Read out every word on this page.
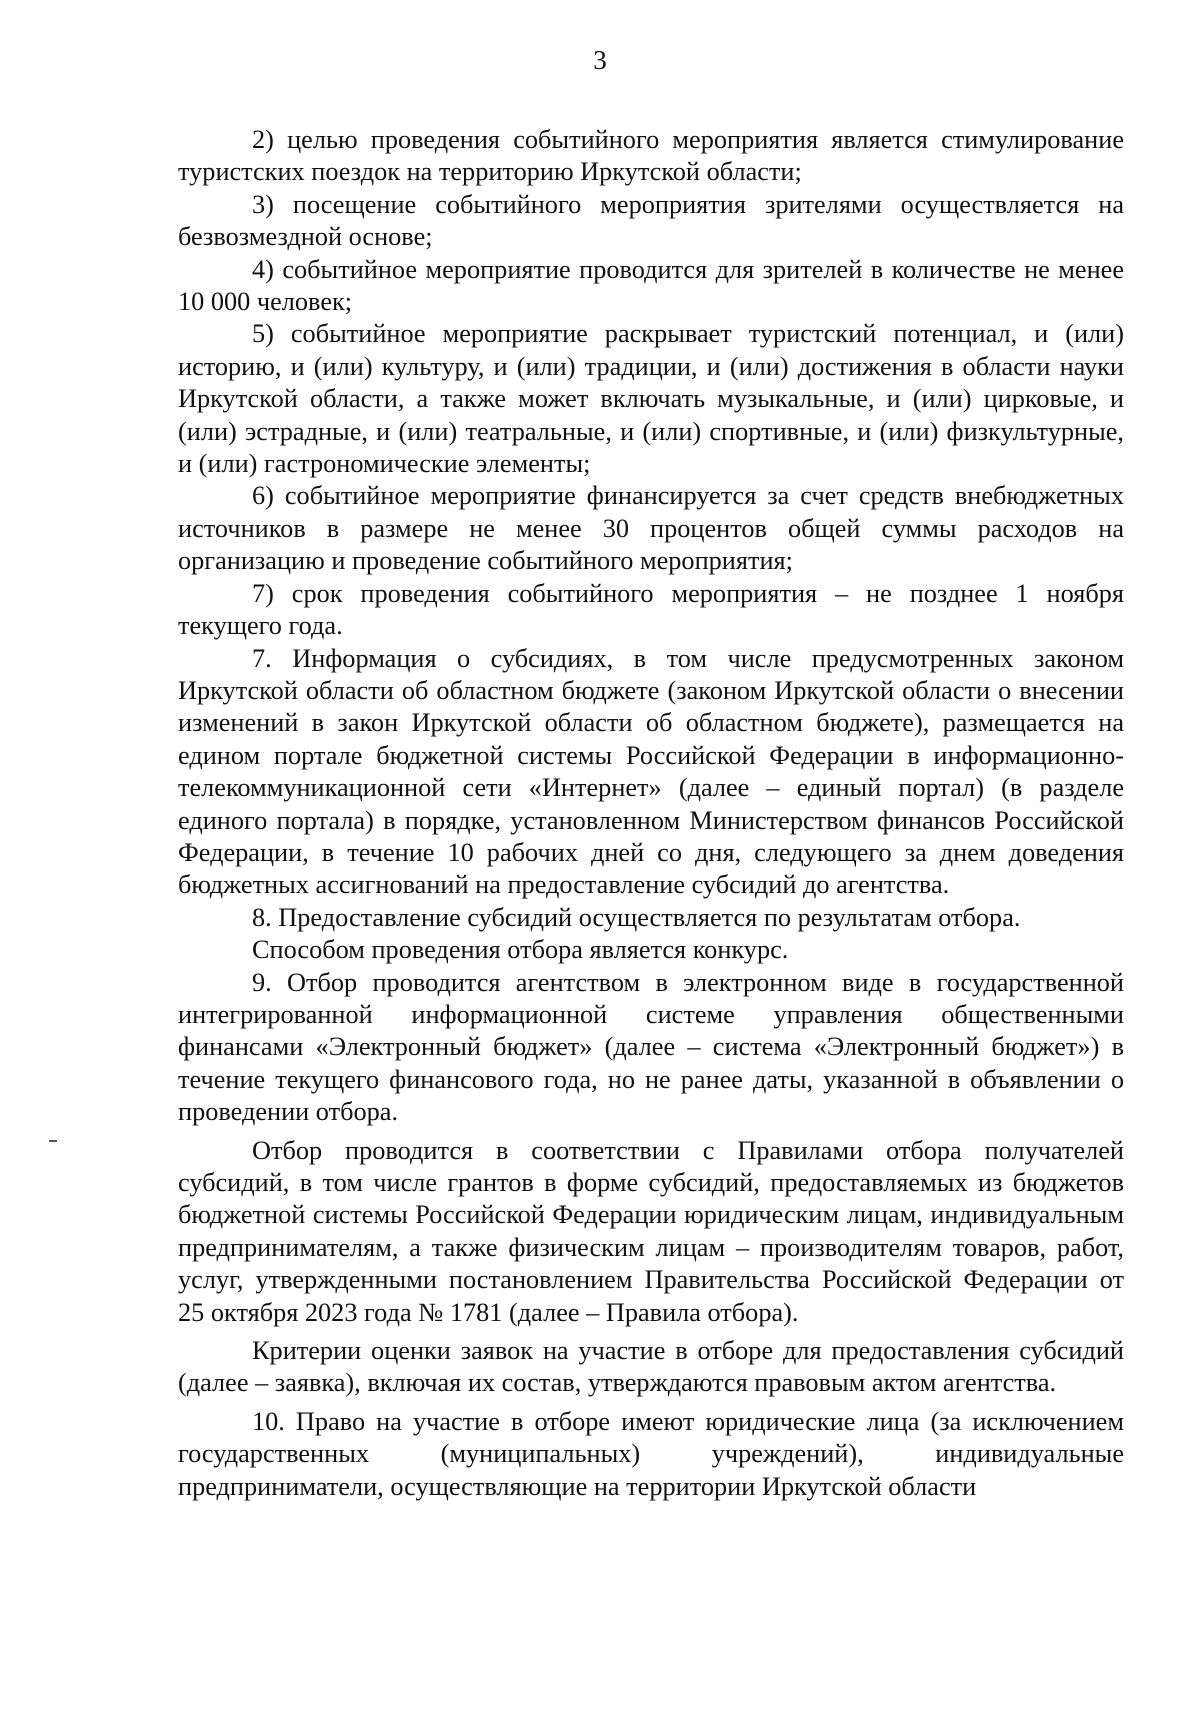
3

2) целью проведения событийного мероприятия является стимулирование туристских поездок на территорию Иркутской области;

3) посещение событийного мероприятия зрителями осуществляется на безвозмездной основе;

4) событийное мероприятие проводится для зрителей в количестве не менее 10 000 человек;

5) событийное мероприятие раскрывает туристский потенциал, и (или) историю, и (или) культуру, и (или) традиции, и (или) достижения в области науки Иркутской области, а также может включать музыкальные, и (или) цирковые, и (или) эстрадные, и (или) театральные, и (или) спортивные, и (или) физкультурные, и (или) гастрономические элементы;

6) событийное мероприятие финансируется за счет средств внебюджетных источников в размере не менее 30 процентов общей суммы расходов на организацию и проведение событийного мероприятия;

7) срок проведения событийного мероприятия – не позднее 1 ноября текущего года.

7. Информация о субсидиях, в том числе предусмотренных законом Иркутской области об областном бюджете (законом Иркутской области о внесении изменений в закон Иркутской области об областном бюджете), размещается на едином портале бюджетной системы Российской Федерации в информационно-телекоммуникационной сети «Интернет» (далее – единый портал) (в разделе единого портала) в порядке, установленном Министерством финансов Российской Федерации, в течение 10 рабочих дней со дня, следующего за днем доведения бюджетных ассигнований на предоставление субсидий до агентства.

8. Предоставление субсидий осуществляется по результатам отбора.

Способом проведения отбора является конкурс.

9. Отбор проводится агентством в электронном виде в государственной интегрированной информационной системе управления общественными финансами «Электронный бюджет» (далее – система «Электронный бюджет») в течение текущего финансового года, но не ранее даты, указанной в объявлении о проведении отбора.

Отбор проводится в соответствии с Правилами отбора получателей субсидий, в том числе грантов в форме субсидий, предоставляемых из бюджетов бюджетной системы Российской Федерации юридическим лицам, индивидуальным предпринимателям, а также физическим лицам – производителям товаров, работ, услуг, утвержденными постановлением Правительства Российской Федерации от 25 октября 2023 года № 1781 (далее – Правила отбора).

Критерии оценки заявок на участие в отборе для предоставления субсидий (далее – заявка), включая их состав, утверждаются правовым актом агентства.

10. Право на участие в отборе имеют юридические лица (за исключением государственных (муниципальных) учреждений), индивидуальные предприниматели, осуществляющие на территории Иркутской области
